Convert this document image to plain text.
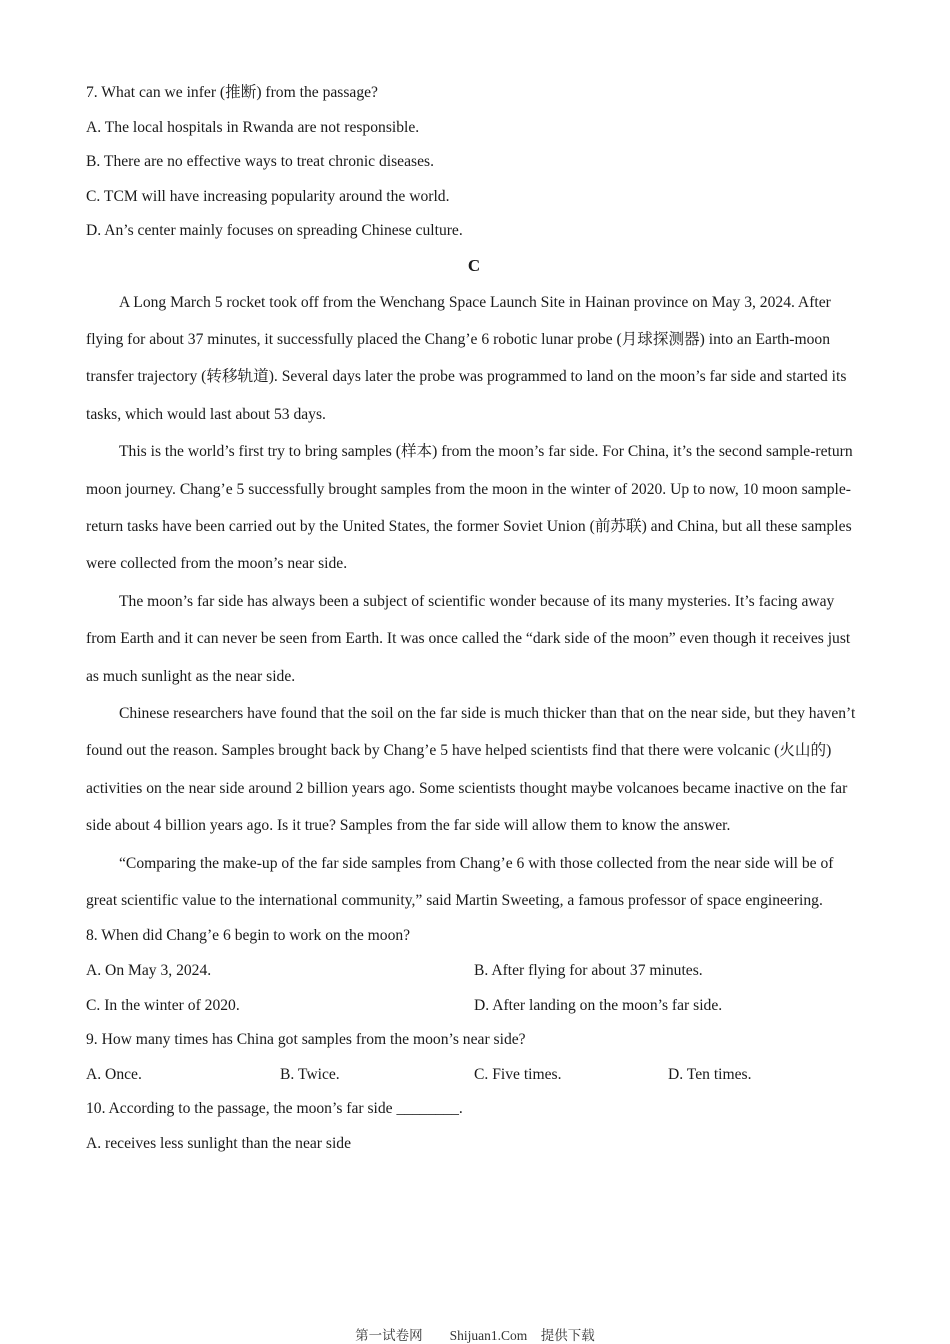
7. What can we infer (推断) from the passage?
A. The local hospitals in Rwanda are not responsible.
B. There are no effective ways to treat chronic diseases.
C. TCM will have increasing popularity around the world.
D. An’s center mainly focuses on spreading Chinese culture.
C

A Long March 5 rocket took off from the Wenchang Space Launch Site in Hainan province on May 3, 2024. After flying for about 37 minutes, it successfully placed the Chang’e 6 robotic lunar probe (月球探测器) into an Earth-moon transfer trajectory (转移轨道). Several days later the probe was programmed to land on the moon’s far side and started its tasks, which would last about 53 days.

This is the world’s first try to bring samples (样本) from the moon’s far side. For China, it’s the second sample-return moon journey. Chang’e 5 successfully brought samples from the moon in the winter of 2020. Up to now, 10 moon sample-return tasks have been carried out by the United States, the former Soviet Union (前苏联) and China, but all these samples were collected from the moon’s near side.

The moon’s far side has always been a subject of scientific wonder because of its many mysteries. It’s facing away from Earth and it can never be seen from Earth. It was once called the “dark side of the moon” even though it receives just as much sunlight as the near side.

Chinese researchers have found that the soil on the far side is much thicker than that on the near side, but they haven’t found out the reason. Samples brought back by Chang’e 5 have helped scientists find that there were volcanic (火山的) activities on the near side around 2 billion years ago. Some scientists thought maybe volcanoes became inactive on the far side about 4 billion years ago. Is it true? Samples from the far side will allow them to know the answer.

“Comparing the make-up of the far side samples from Chang’e 6 with those collected from the near side will be of great scientific value to the international community,” said Martin Sweeting, a famous professor of space engineering.

8. When did Chang’e 6 begin to work on the moon?
A. On May 3, 2024.	B. After flying for about 37 minutes.
C. In the winter of 2020.	D. After landing on the moon’s far side.
9. How many times has China got samples from the moon’s near side?
A. Once.	B. Twice.	C. Five times.	D. Ten times.
10. According to the passage, the moon’s far side ________.
A. receives less sunlight than the near side
第一试卷网        Shijuan1.Com    提供下载
